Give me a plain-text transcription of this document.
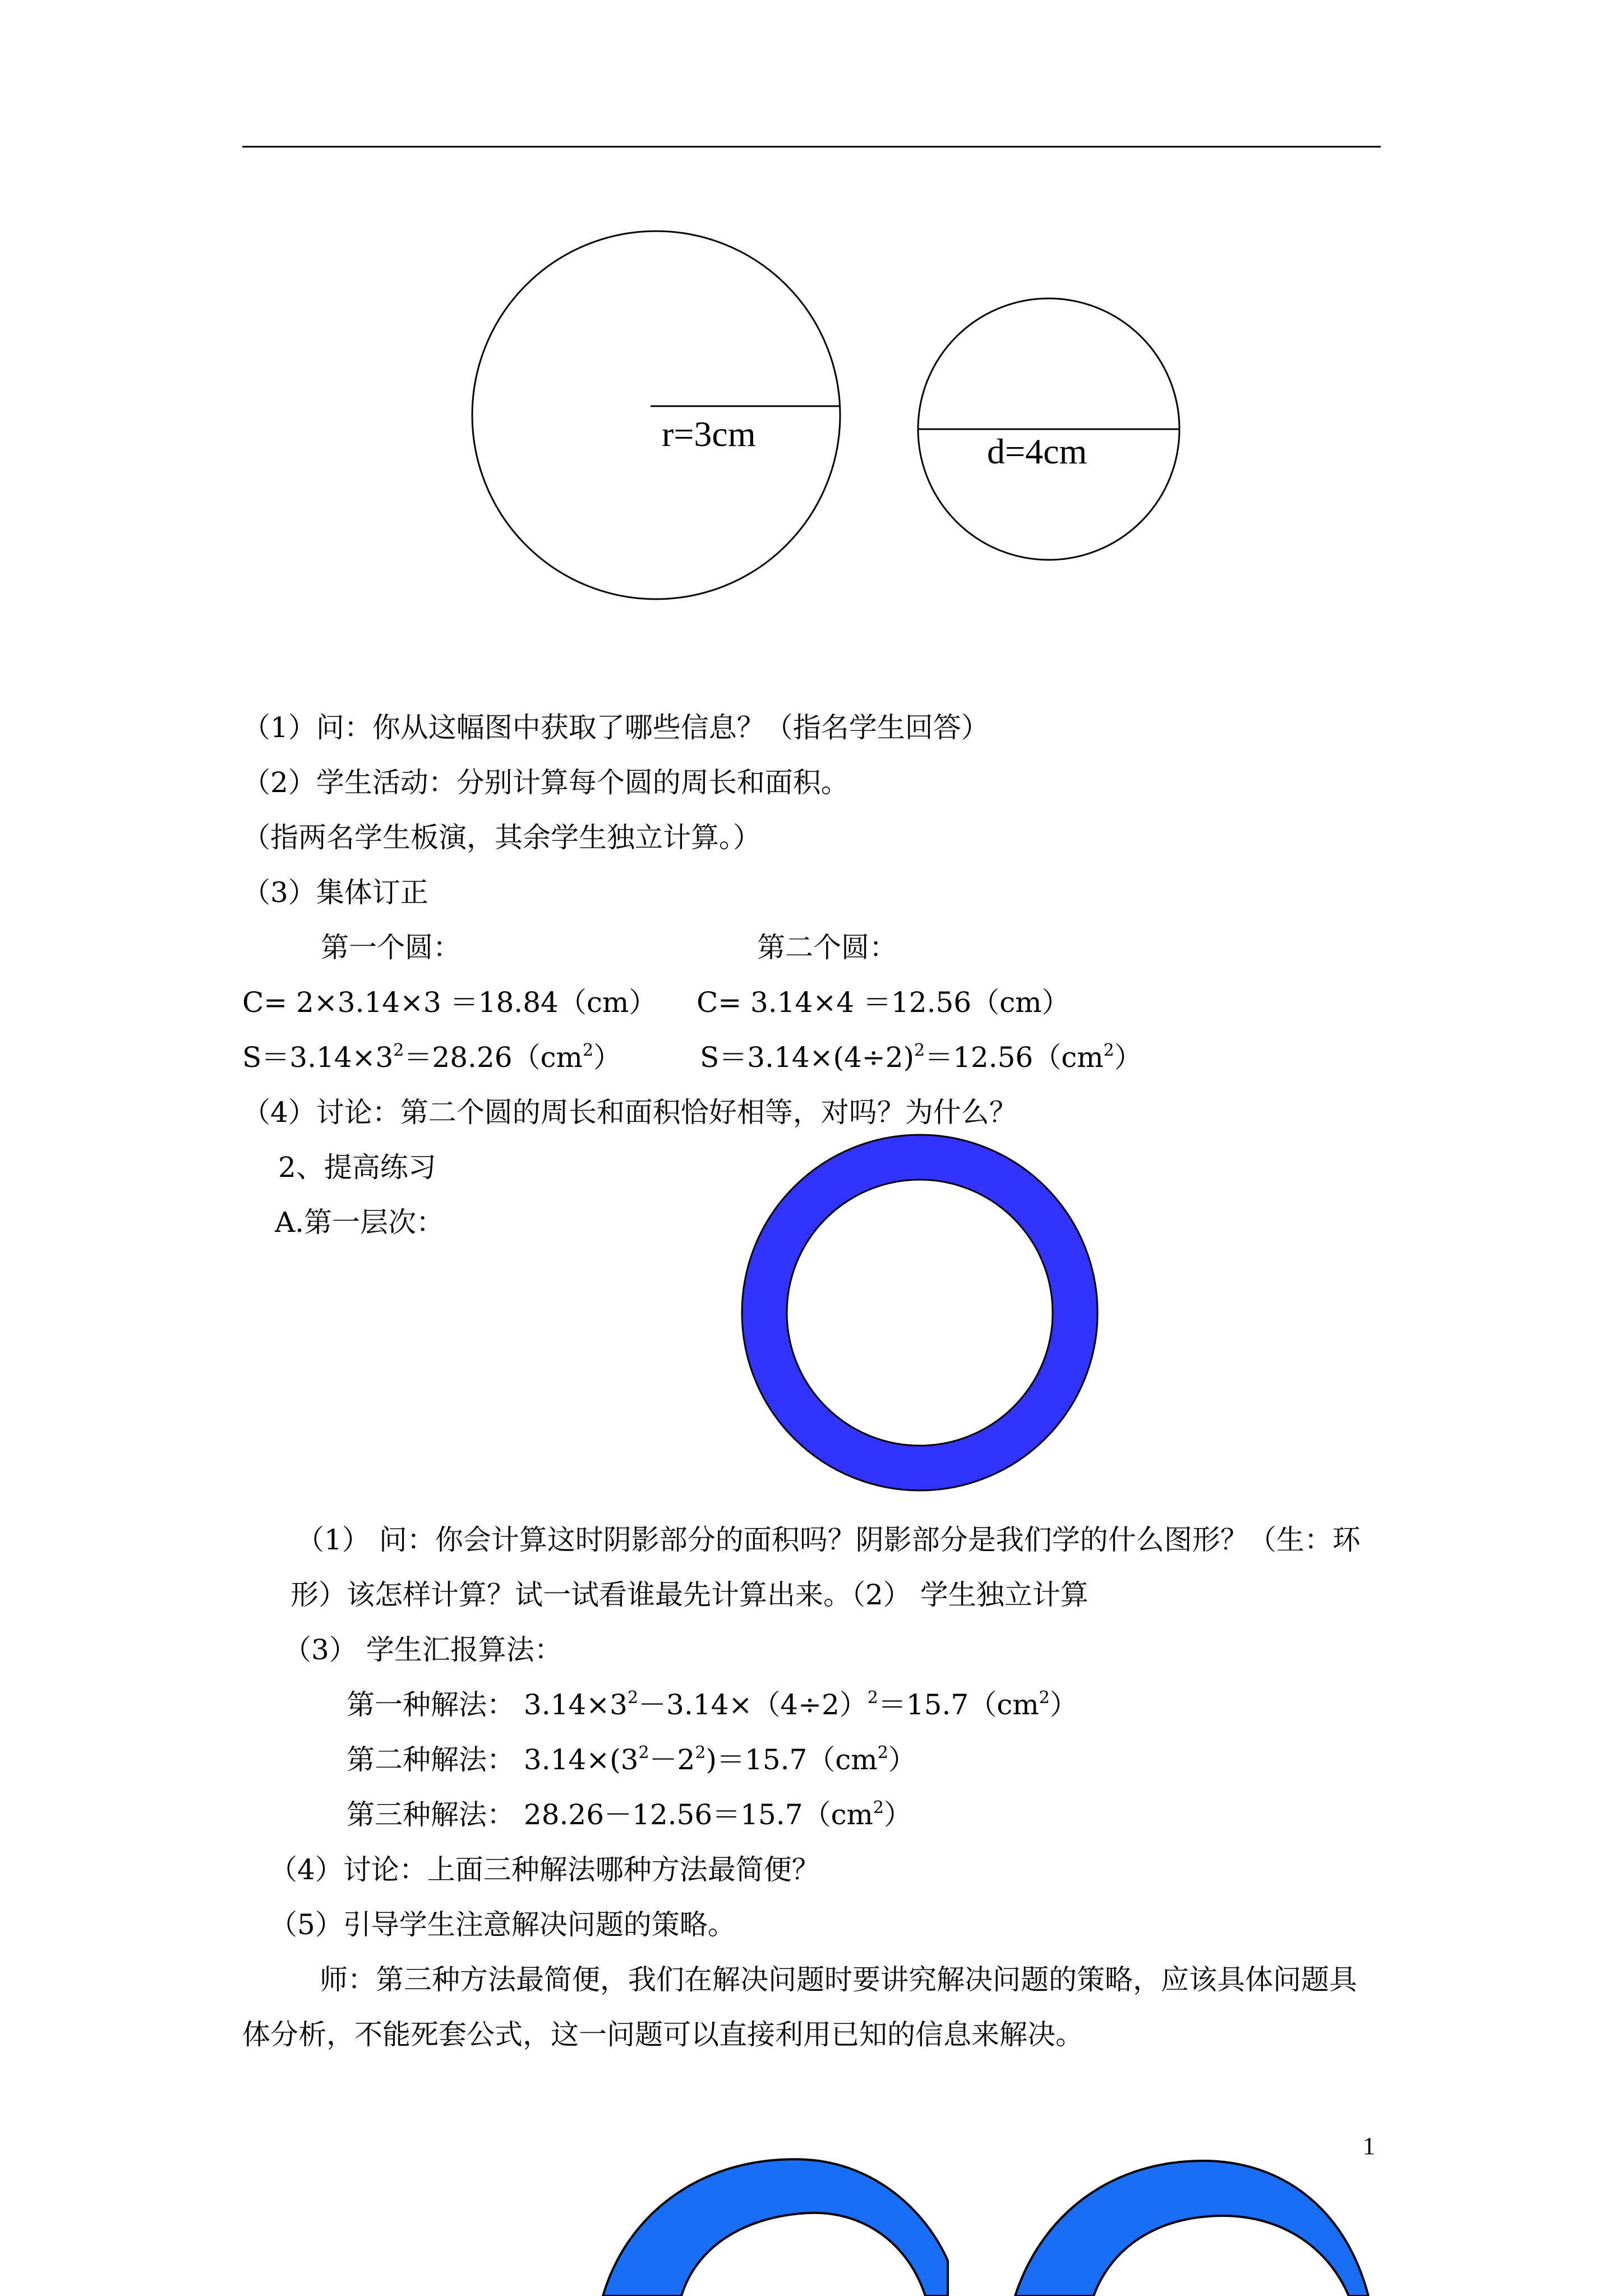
r=3cm	d=4cm
（1）问：你从这幅图中获取了哪些信息？（指名学生回答）
（2）学生活动：分别计算每个圆的周长和面积。
（指两名学生板演，其余学生独立计算。）
（3）集体订正
第一个圆：	第二个圆：
C= 2×3.14×3 ＝18.84（cm） C= 3.14×4 ＝12.56（cm）
$S=3.14\times 3^2=28.26(cm^2)$	$S=3.14\times(4\div 2)^2=12.56(cm^2)$
（4）讨论：第二个圆的周长和面积恰好相等，对吗？为什么？
2、提高练习
A.第一层次：
（1） 问：你会计算这时阴影部分的面积吗？阴影部分是我们学的什么图形？（生：环
形）该怎样计算？试一试看谁最先计算出来。（2） 学生独立计算
（3） 学生汇报算法：
第一种解法： $3.14\times 3^2-3.14\times(4\div 2)^2=15.7(cm^2)$
第二种解法： $3.14\times(3^2-2^2)=15.7(cm^2)$
第三种解法： $28.26-12.56=15.7(cm^2)$
（4）讨论：上面三种解法哪种方法最简便？
（5）引导学生注意解决问题的策略。
师：第三种方法最简便，我们在解决问题时要讲究解决问题的策略，应该具体问题具
体分析，不能死套公式，这一问题可以直接利用已知的信息来解决。
1
